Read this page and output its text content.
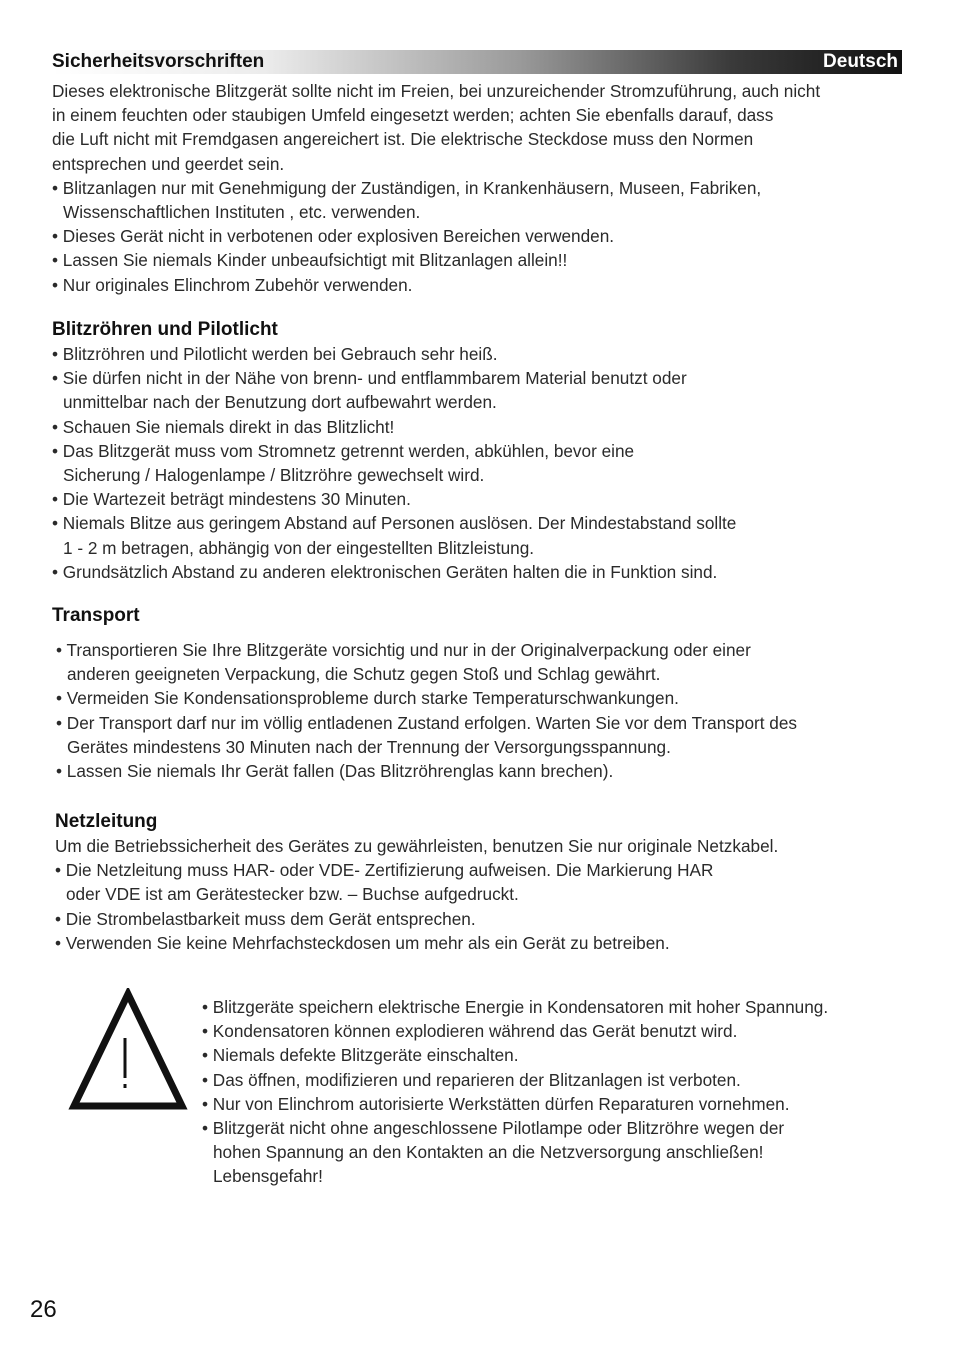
Sicherheitsvorschriften	Deutsch

Dieses elektronische Blitzgerät sollte nicht im Freien, bei unzureichender Stromzuführung, auch nicht

in einem feuchten oder staubigen Umfeld eingesetzt werden; achten Sie ebenfalls darauf, dass

die Luft nicht mit Fremdgasen angereichert ist. Die elektrische Steckdose muss den Normen

entsprechen und geerdet sein.

• Blitzanlagen nur mit Genehmigung der Zuständigen, in Krankenhäusern, Museen, Fabriken,
Wissenschaftlichen Instituten , etc. verwenden.

• Dieses Gerät nicht in verbotenen oder explosiven Bereichen verwenden.

• Lassen Sie niemals Kinder unbeaufsichtigt mit Blitzanlagen allein!!

• Nur originales Elinchrom Zubehör verwenden.

Blitzröhren und Pilotlicht

• Blitzröhren und Pilotlicht werden bei Gebrauch sehr heiß.

• Sie dürfen nicht in der Nähe von brenn- und entflammbarem Material benutzt oder
unmittelbar nach der Benutzung dort aufbewahrt werden.

• Schauen Sie niemals direkt in das Blitzlicht!

• Das Blitzgerät muss vom Stromnetz getrennt werden, abkühlen, bevor eine
Sicherung / Halogenlampe / Blitzröhre gewechselt wird.

• Die Wartezeit beträgt mindestens 30 Minuten.

• Niemals Blitze aus geringem Abstand auf Personen auslösen. Der Mindestabstand sollte
1 - 2 m betragen, abhängig von der eingestellten Blitzleistung.

• Grundsätzlich Abstand zu anderen elektronischen Geräten halten die in Funktion sind.

Transport

• Transportieren Sie Ihre Blitzgeräte vorsichtig und nur in der Originalverpackung oder einer
anderen geeigneten Verpackung, die Schutz gegen Stoß und Schlag gewährt.

• Vermeiden Sie Kondensationsprobleme durch starke Temperaturschwankungen.

• Der Transport darf nur im völlig entladenen Zustand erfolgen. Warten Sie vor dem Transport des
Gerätes mindestens 30 Minuten nach der Trennung der Versorgungsspannung.

• Lassen Sie niemals Ihr Gerät fallen (Das Blitzröhrenglas kann brechen).

Netzleitung

Um die Betriebssicherheit des Gerätes zu gewährleisten, benutzen Sie nur originale Netzkabel.

• Die Netzleitung muss HAR- oder VDE- Zertifizierung aufweisen. Die Markierung HAR
oder VDE ist am Gerätestecker bzw. – Buchse aufgedruckt.

• Die Strombelastbarkeit muss dem Gerät entsprechen.

• Verwenden Sie keine Mehrfachsteckdosen um mehr als ein Gerät zu betreiben.

• Blitzgeräte speichern elektrische Energie in Kondensatoren mit hoher Spannung.

• Kondensatoren können explodieren während das Gerät benutzt wird.

• Niemals defekte Blitzgeräte einschalten.

• Das öffnen, modifizieren und reparieren der Blitzanlagen ist verboten.

• Nur von Elinchrom autorisierte Werkstätten dürfen Reparaturen vornehmen.

• Blitzgerät nicht ohne angeschlossene Pilotlampe oder Blitzröhre wegen der
hohen Spannung an den Kontakten an die Netzversorgung anschließen!
Lebensgefahr!

26
